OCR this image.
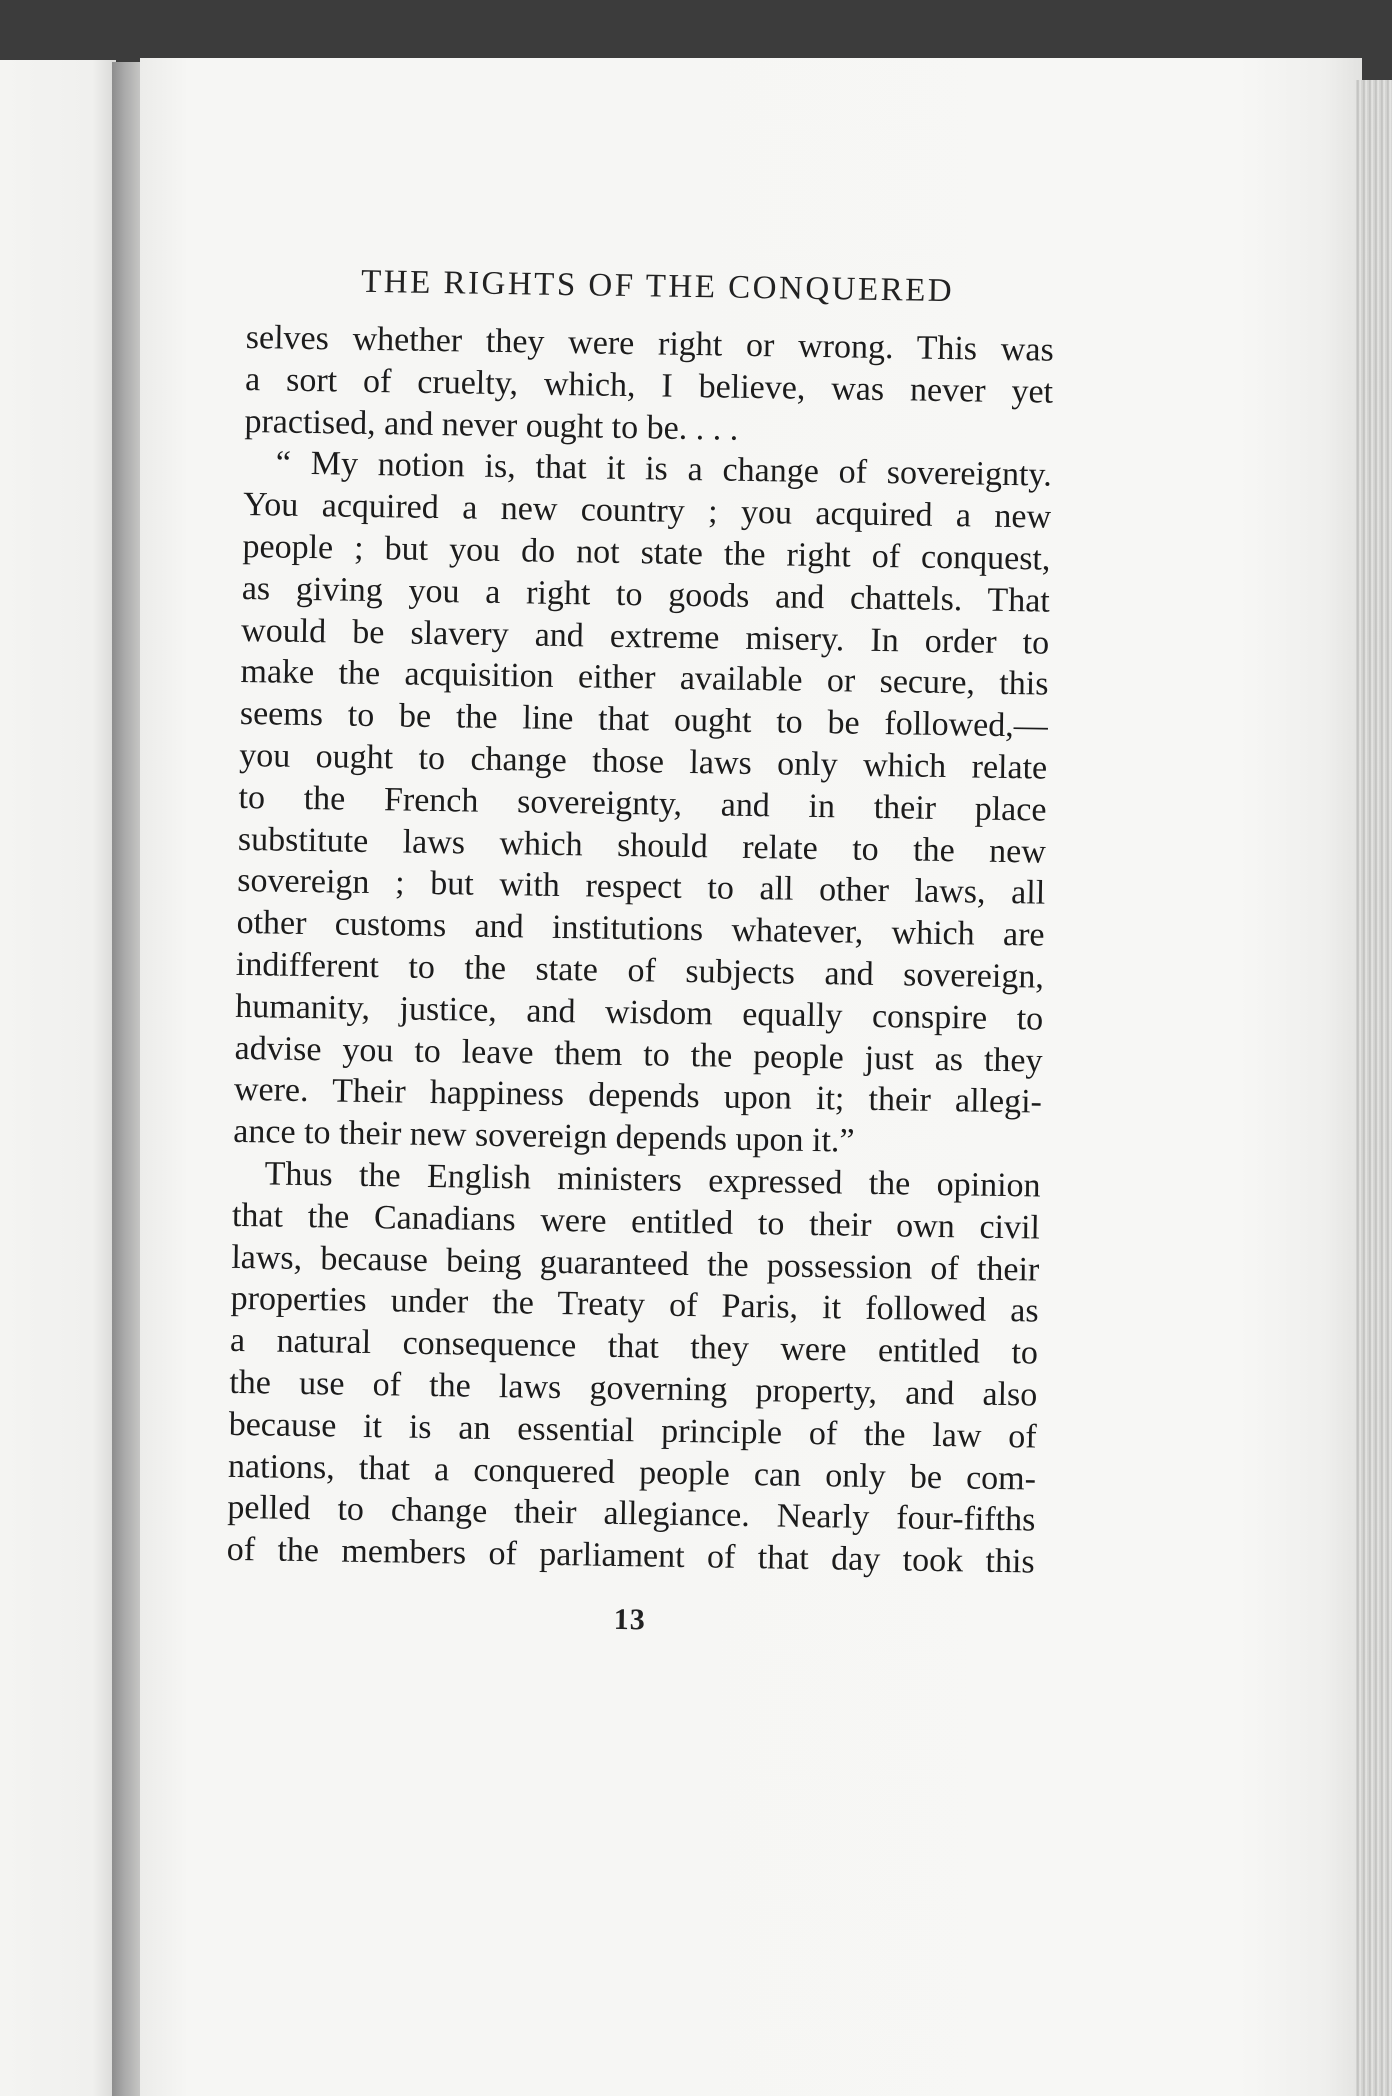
THE RIGHTS OF THE CONQUERED

selves whether they were right or wrong. This was
a sort of cruelty, which, I believe, was never yet
practised, and never ought to be. . . .

“ My notion is, that it is a change of sovereignty.
You acquired a new country ; you acquired a new
people ; but you do not state the right of conquest,
as giving you a right to goods and chattels. That
would be slavery and extreme misery. In order to
make the acquisition either available or secure, this
seems to be the line that ought to be followed,—
you ought to change those laws only which relate
to the French sovereignty, and in their place
substitute laws which should relate to the new
sovereign ; but with respect to all other laws, all
other customs and institutions whatever, which are
indifferent to the state of subjects and sovereign,
humanity, justice, and wisdom equally conspire to
advise you to leave them to the people just as they
were. Their happiness depends upon it; their allegi-
ance to their new sovereign depends upon it.”

Thus the English ministers expressed the opinion
that the Canadians were entitled to their own civil
laws, because being guaranteed the possession of their
properties under the Treaty of Paris, it followed as
a natural consequence that they were entitled to
the use of the laws governing property, and also
because it is an essential principle of the law of
nations, that a conquered people can only be com-
pelled to change their allegiance. Nearly four-fifths
of the members of parliament of that day took this

13
